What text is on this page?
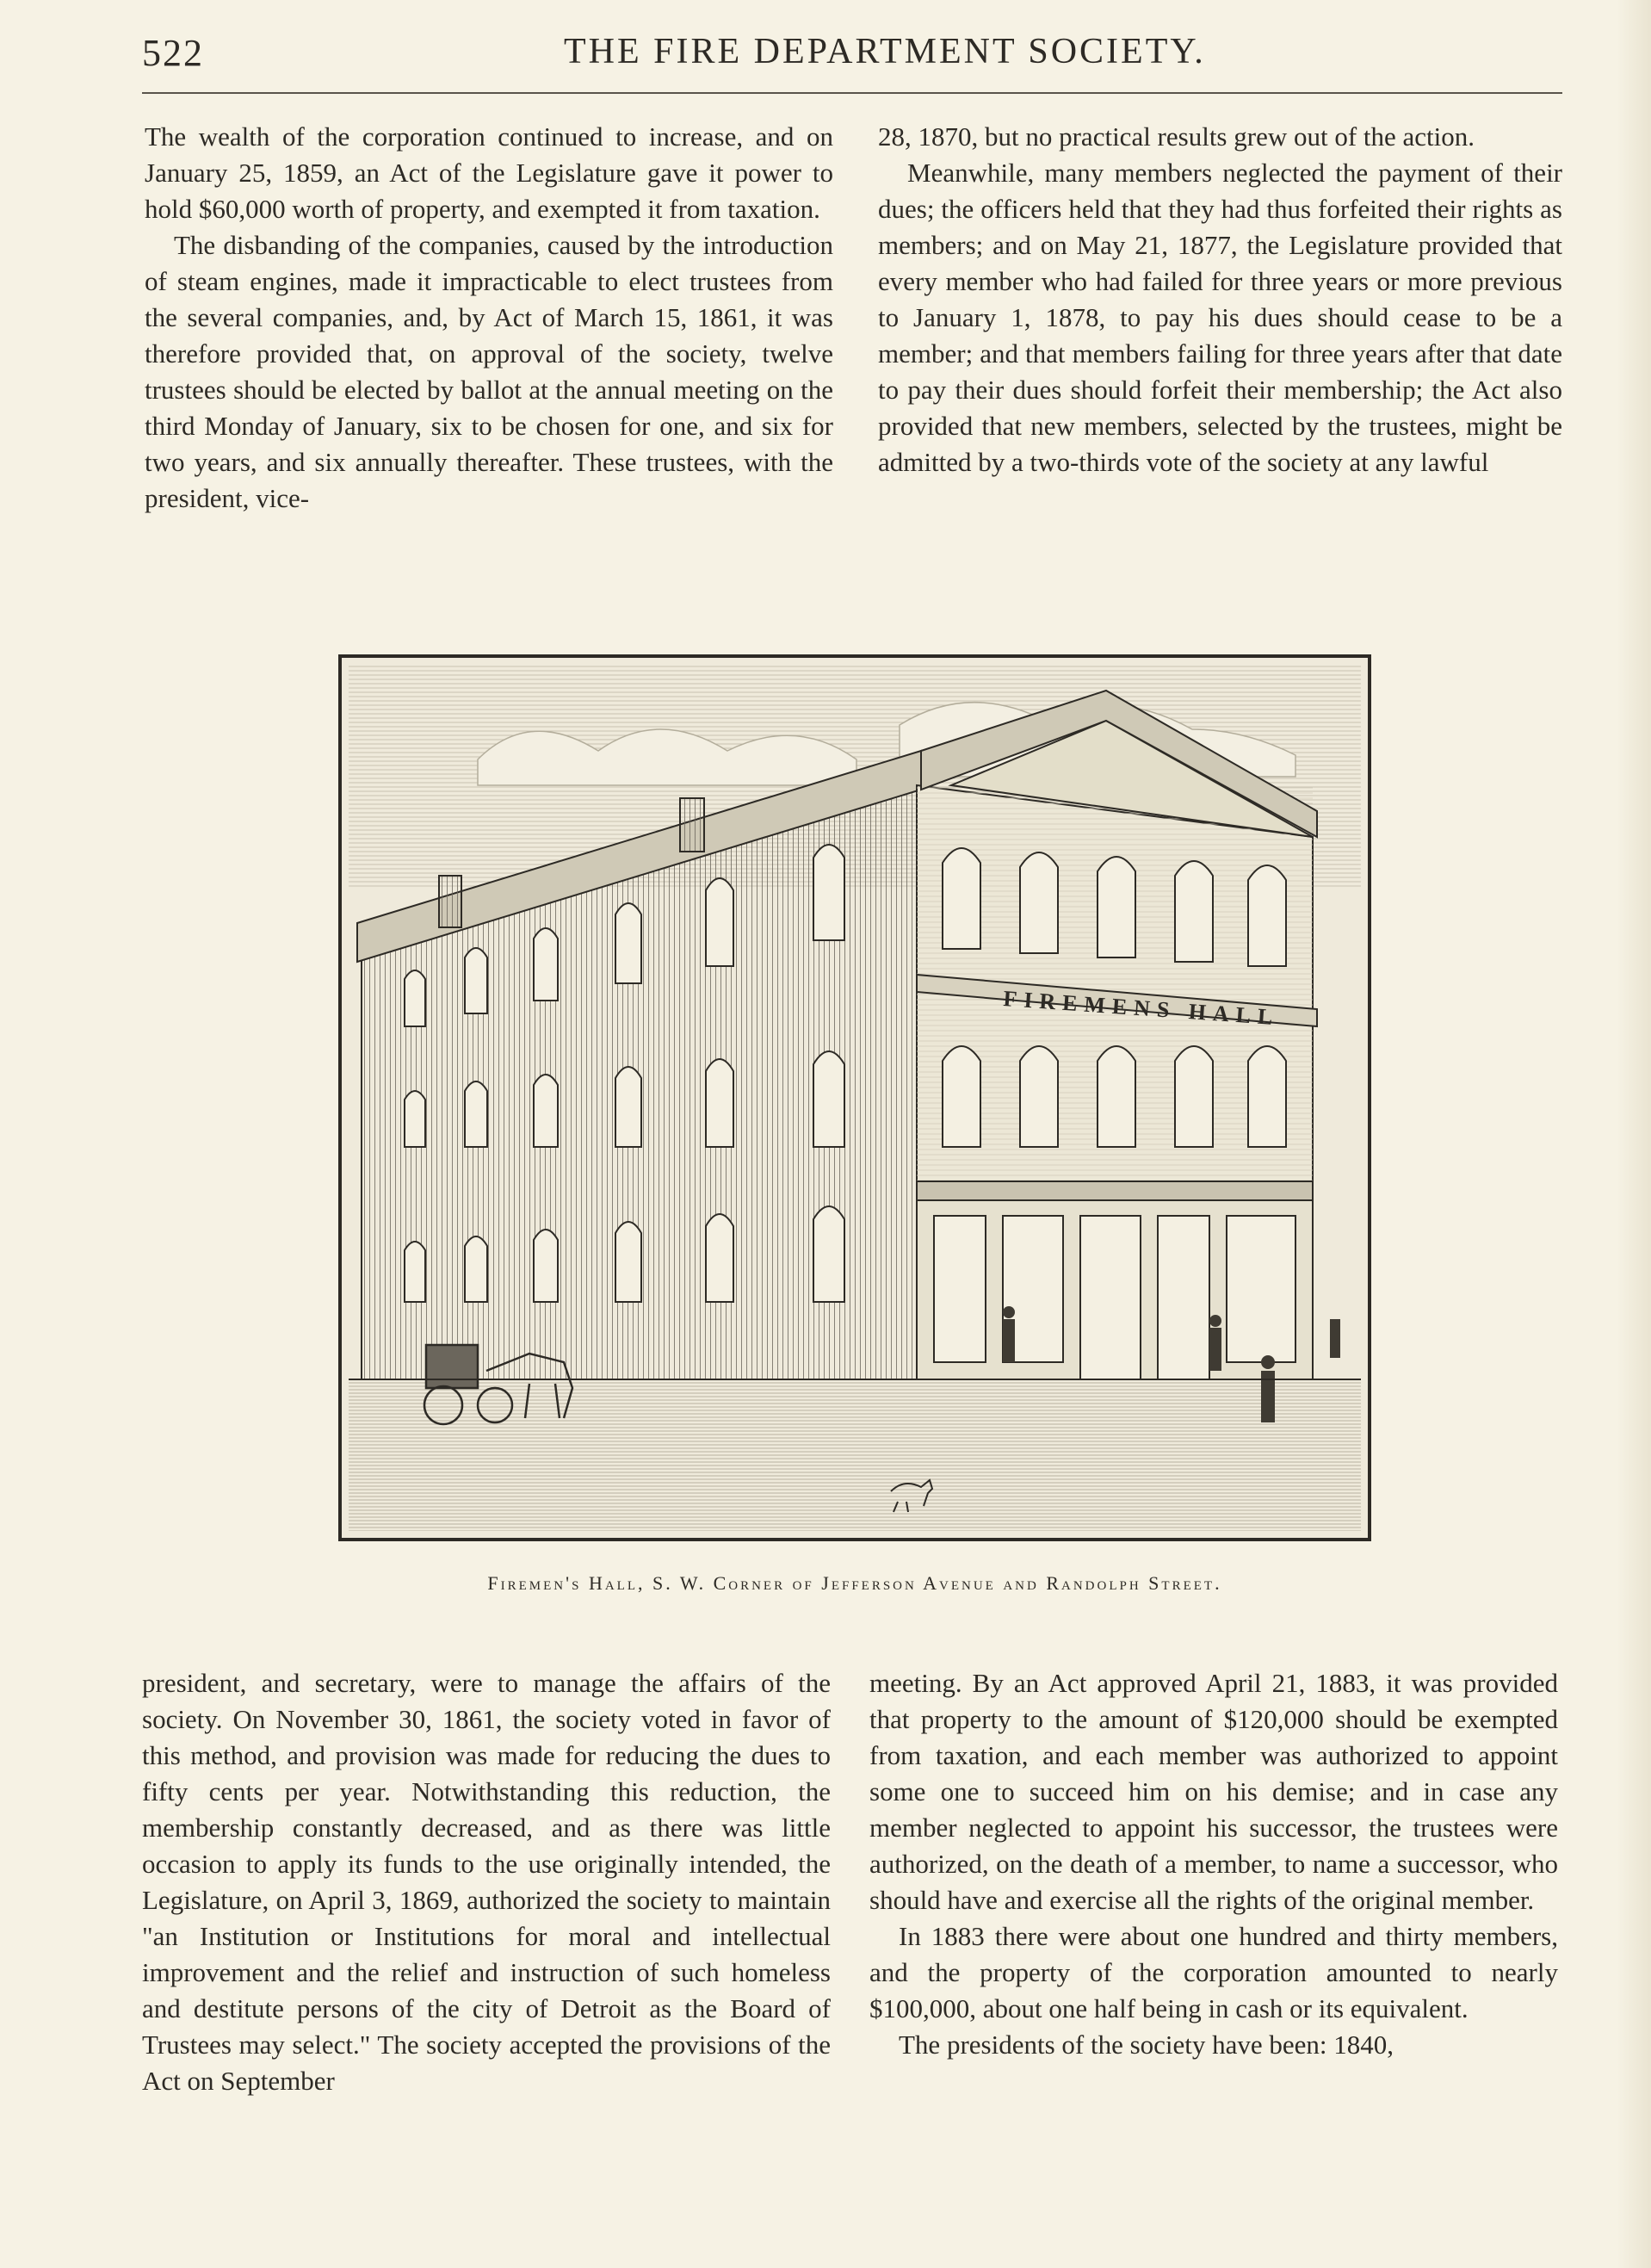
522	THE FIRE DEPARTMENT SOCIETY.

The wealth of the corporation continued to increase, and on January 25, 1859, an Act of the Legislature gave it power to hold $60,000 worth of property, and exempted it from taxation.

The disbanding of the companies, caused by the introduction of steam engines, made it impracticable to elect trustees from the several companies, and, by Act of March 15, 1861, it was therefore provided that, on approval of the society, twelve trustees should be elected by ballot at the annual meeting on the third Monday of January, six to be chosen for one, and six for two years, and six annually thereafter. These trustees, with the president, vice-

28, 1870, but no practical results grew out of the action.

Meanwhile, many members neglected the payment of their dues; the officers held that they had thus forfeited their rights as members; and on May 21, 1877, the Legislature provided that every member who had failed for three years or more previous to January 1, 1878, to pay his dues should cease to be a member; and that members failing for three years after that date to pay their dues should forfeit their membership; the Act also provided that new members, selected by the trustees, might be admitted by a two-thirds vote of the society at any lawful

FIREMENS HALL
Firemen's Hall, S. W. Corner of Jefferson Avenue and Randolph Street.

president, and secretary, were to manage the affairs of the society. On November 30, 1861, the society voted in favor of this method, and provision was made for reducing the dues to fifty cents per year. Notwithstanding this reduction, the membership constantly decreased, and as there was little occasion to apply its funds to the use originally intended, the Legislature, on April 3, 1869, authorized the society to maintain "an Institution or Institutions for moral and intellectual improvement and the relief and instruction of such homeless and destitute persons of the city of Detroit as the Board of Trustees may select." The society accepted the provisions of the Act on September

meeting. By an Act approved April 21, 1883, it was provided that property to the amount of $120,000 should be exempted from taxation, and each member was authorized to appoint some one to succeed him on his demise; and in case any member neglected to appoint his successor, the trustees were authorized, on the death of a member, to name a successor, who should have and exercise all the rights of the original member.

In 1883 there were about one hundred and thirty members, and the property of the corporation amounted to nearly $100,000, about one half being in cash or its equivalent.

The presidents of the society have been: 1840,
